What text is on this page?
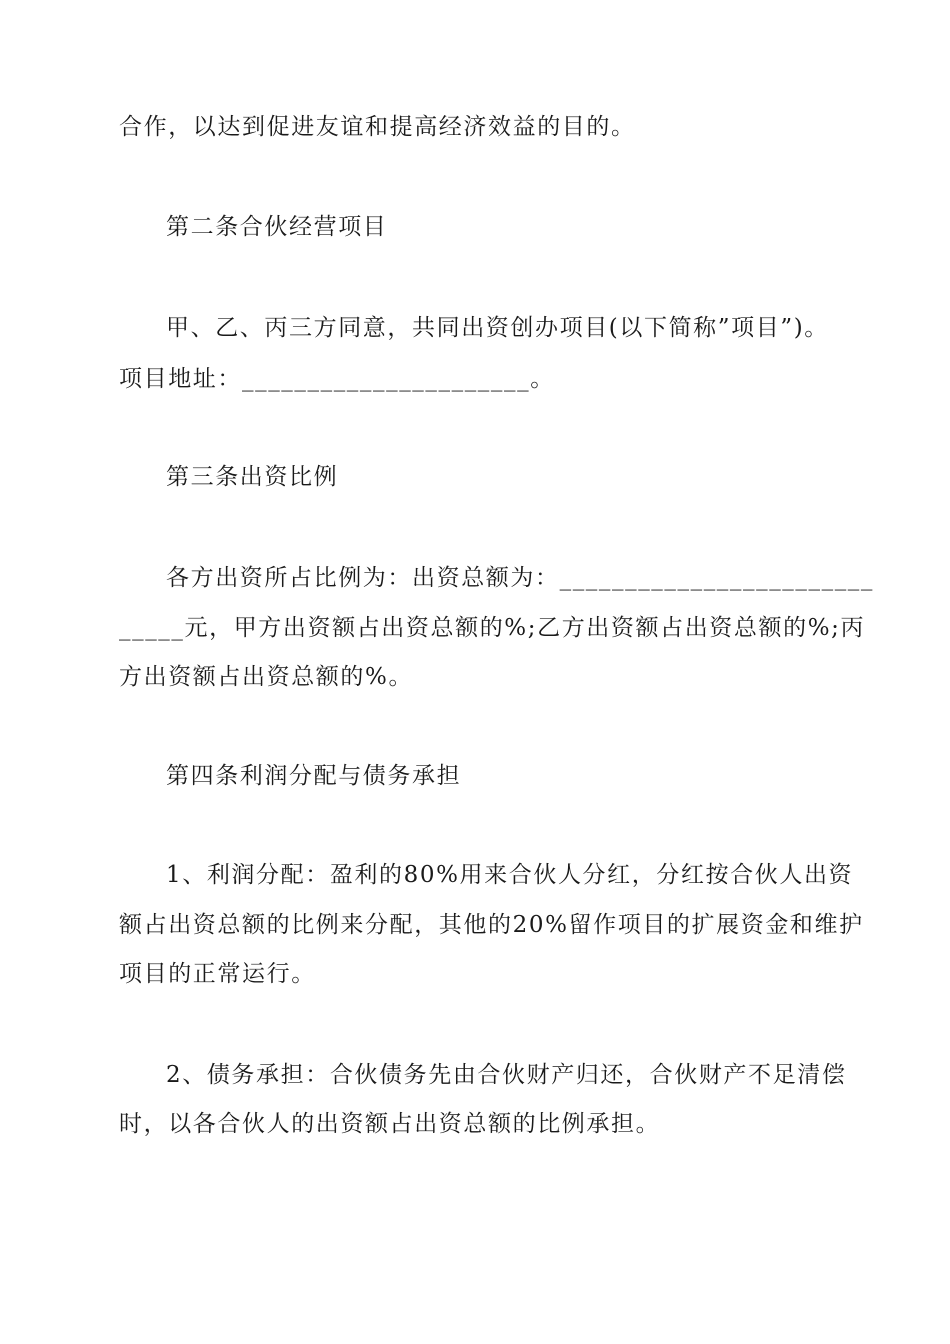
合作，以达到促进友谊和提高经济效益的目的。
第二条合伙经营项目
甲、乙、丙三方同意，共同出资创办项目(以下简称”项目”)。
项目地址：______________________。
第三条出资比例
各方出资所占比例为：出资总额为：________________________
_____元，甲方出资额占出资总额的%;乙方出资额占出资总额的%;丙
方出资额占出资总额的%。
第四条利润分配与债务承担
1、利润分配：盈利的80%用来合伙人分红，分红按合伙人出资
额占出资总额的比例来分配，其他的20%留作项目的扩展资金和维护
项目的正常运行。
2、债务承担：合伙债务先由合伙财产归还，合伙财产不足清偿
时，以各合伙人的出资额占出资总额的比例承担。
